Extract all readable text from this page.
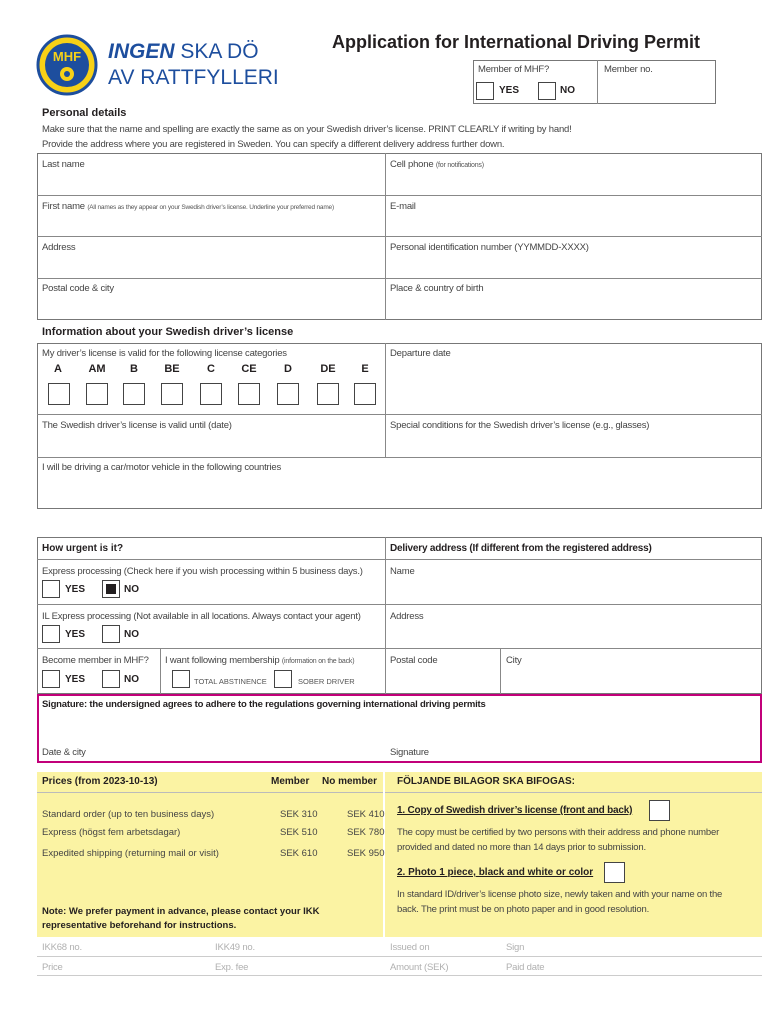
MHF INGEN SKA DÖ
AV RATTFYLLERI
Application for International Driving Permit
Member of MHF?
YES	NO
Member no.
Personal details
Make sure that the name and spelling are exactly the same as on your Swedish driver’s license. PRINT CLEARLY if writing by hand!
Provide the address where you are registered in Sweden. You can specify a different delivery address further down.
Last name	Cell phone (for notifications)
First name (All names as they appear on your Swedish driver’s license. Underline your preferred name)	E-mail
Address	Personal identification number (YYMMDD-XXXX)
Postal code & city	Place & country of birth
Information about your Swedish driver’s license
My driver’s license is valid for the following license categories	Departure date
A	AM	B	BE	C	CE	D	DE	E
The Swedish driver’s license is valid until (date)	Special conditions for the Swedish driver’s license (e.g., glasses)
I will be driving a car/motor vehicle in the following countries
How urgent is it?	Delivery address (If different from the registered address)
Express processing (Check here if you wish processing within 5 business days.)
YES	NO
IL Express processing (Not available in all locations. Always contact your agent)
YES	NO
Become member in MHF?
YES	NO
I want following membership (information on the back)
TOTAL ABSTINENCE	SOBER DRIVER
Name
Address
Postal code	City
Signature: the undersigned agrees to adhere to the regulations governing international driving permits
Date & city	Signature
Prices (from 2023-10-13)	Member No member
Standard order (up to ten business days)	SEK 310	SEK 410
Express (högst fem arbetsdagar)	SEK 510	SEK 780
Expedited shipping (returning mail or visit)	SEK 610	SEK 950
Note: We prefer payment in advance, please contact your IKK representative beforehand for instructions.
FÖLJANDE BILAGOR SKA BIFOGAS:
1. Copy of Swedish driver’s license (front and back)
The copy must be certified by two persons with their address and phone number provided and dated no more than 14 days prior to submission.
2. Photo 1 piece, black and white or color
In standard ID/driver’s license photo size, newly taken and with your name on the back. The print must be on photo paper and in good resolution.
IKK68 no.	IKK49 no.	Issued on	Sign
Price	Exp. fee	Amount (SEK)	Paid date
